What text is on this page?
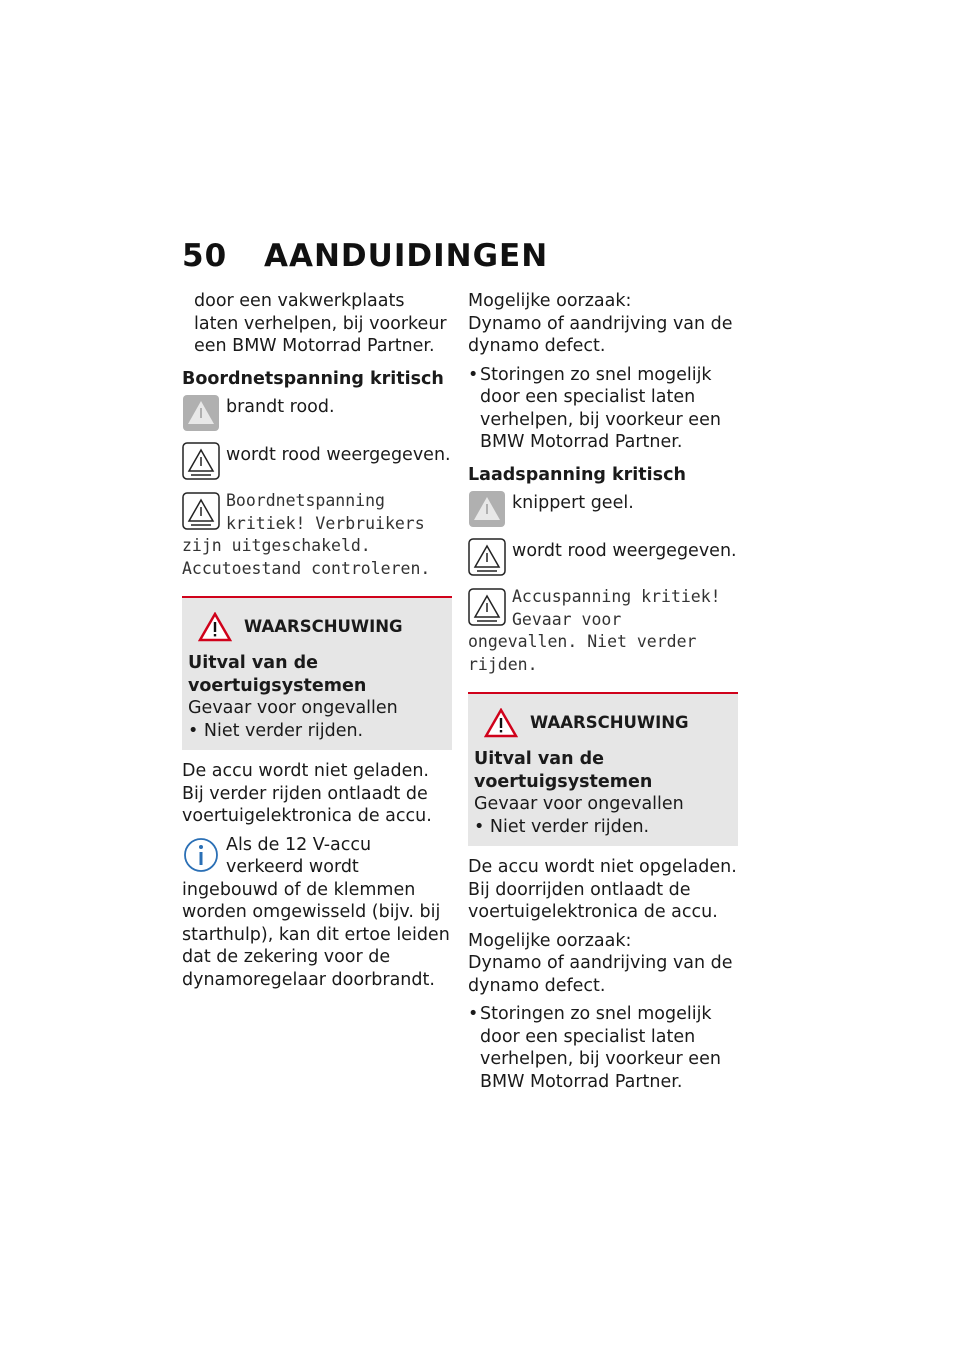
50 AANDUIDINGEN

door een vakwerkplaats laten verhelpen, bij voorkeur een BMW Motorrad Partner.

Boordnetspanning kritisch

brandt rood.
wordt rood weergegeven.
Boordnetspanning kritiek! Verbruikers zijn uitgeschakeld. Accutoestand controleren.
WAARSCHUWING

Uitval van de voertuigsystemen

Gevaar voor ongevallen

• Niet verder rijden.

De accu wordt niet geladen. Bij verder rijden ontlaadt de voertuigelektronica de accu.

Als de 12 V-accu verkeerd wordt ingebouwd of de klemmen worden omgewisseld (bijv. bij starthulp), kan dit ertoe leiden dat de zekering voor de dynamoregelaar doorbrandt.

Mogelijke oorzaak:

Dynamo of aandrijving van de dynamo defect.

• Storingen zo snel mogelijk door een specialist laten verhelpen, bij voorkeur een BMW Motorrad Partner.

Laadspanning kritisch

knippert geel.
wordt rood weergegeven.
Accuspanning kritiek! Gevaar voor ongevallen. Niet verder rijden.
WAARSCHUWING

Uitval van de voertuigsystemen

Gevaar voor ongevallen

• Niet verder rijden.

De accu wordt niet opgeladen. Bij doorrijden ontlaadt de voertuigelektronica de accu.

Mogelijke oorzaak:

Dynamo of aandrijving van de dynamo defect.

• Storingen zo snel mogelijk door een specialist laten verhelpen, bij voorkeur een BMW Motorrad Partner.
